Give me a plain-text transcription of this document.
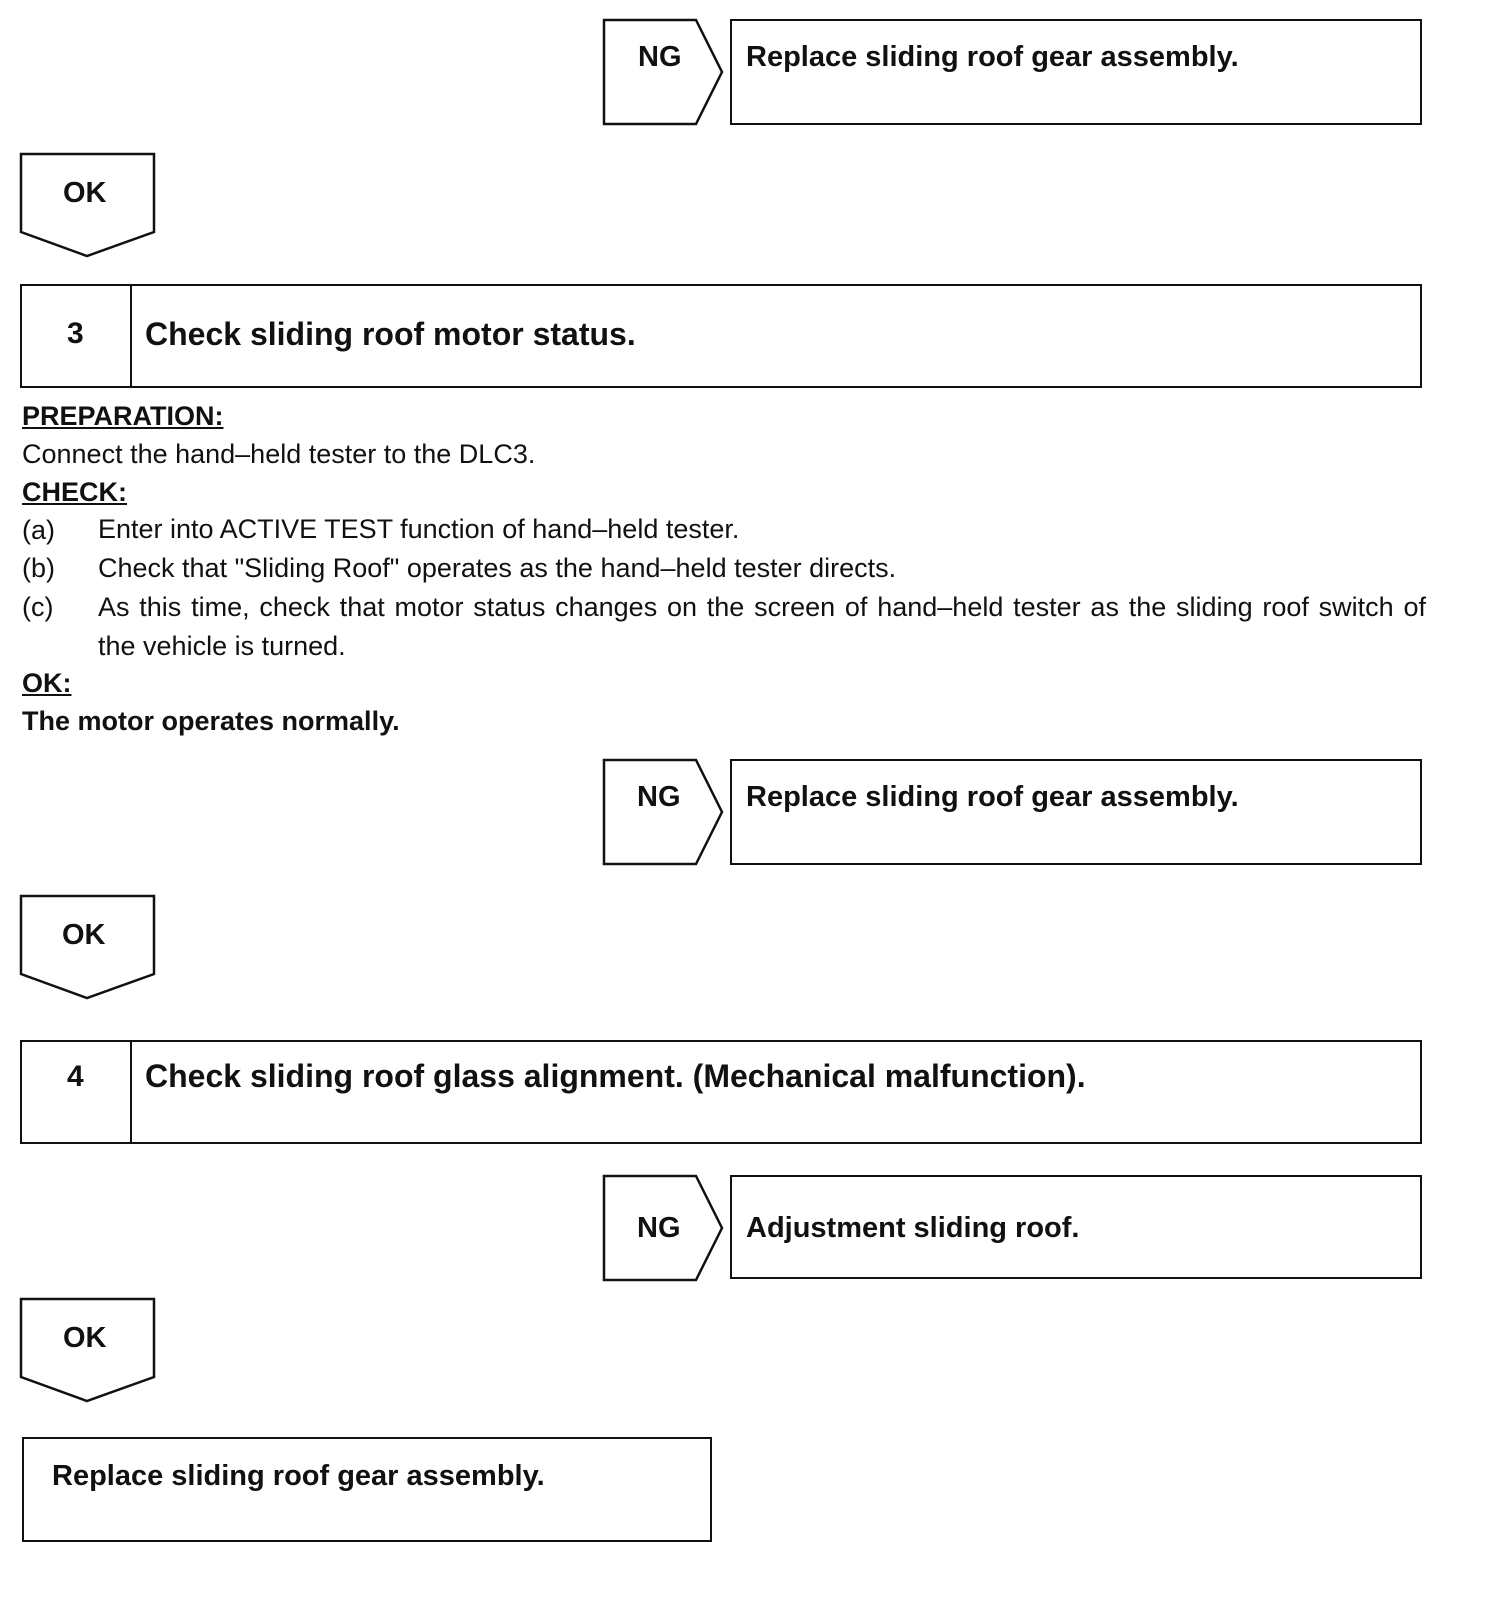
NG Replace sliding roof gear assembly.
OK
3 Check sliding roof motor status.
PREPARATION:
Connect the hand–held tester to the DLC3.
CHECK:
(a) Enter into ACTIVE TEST function of hand–held tester.
(b) Check that "Sliding Roof" operates as the hand–held tester directs.
(c) As this time, check that motor status changes on the screen of hand–held tester as the sliding roof switch of the vehicle is turned.
OK:
The motor operates normally.
NG Replace sliding roof gear assembly.
OK
4 Check sliding roof glass alignment. (Mechanical malfunction).
NG Adjustment sliding roof.
OK
Replace sliding roof gear assembly.
